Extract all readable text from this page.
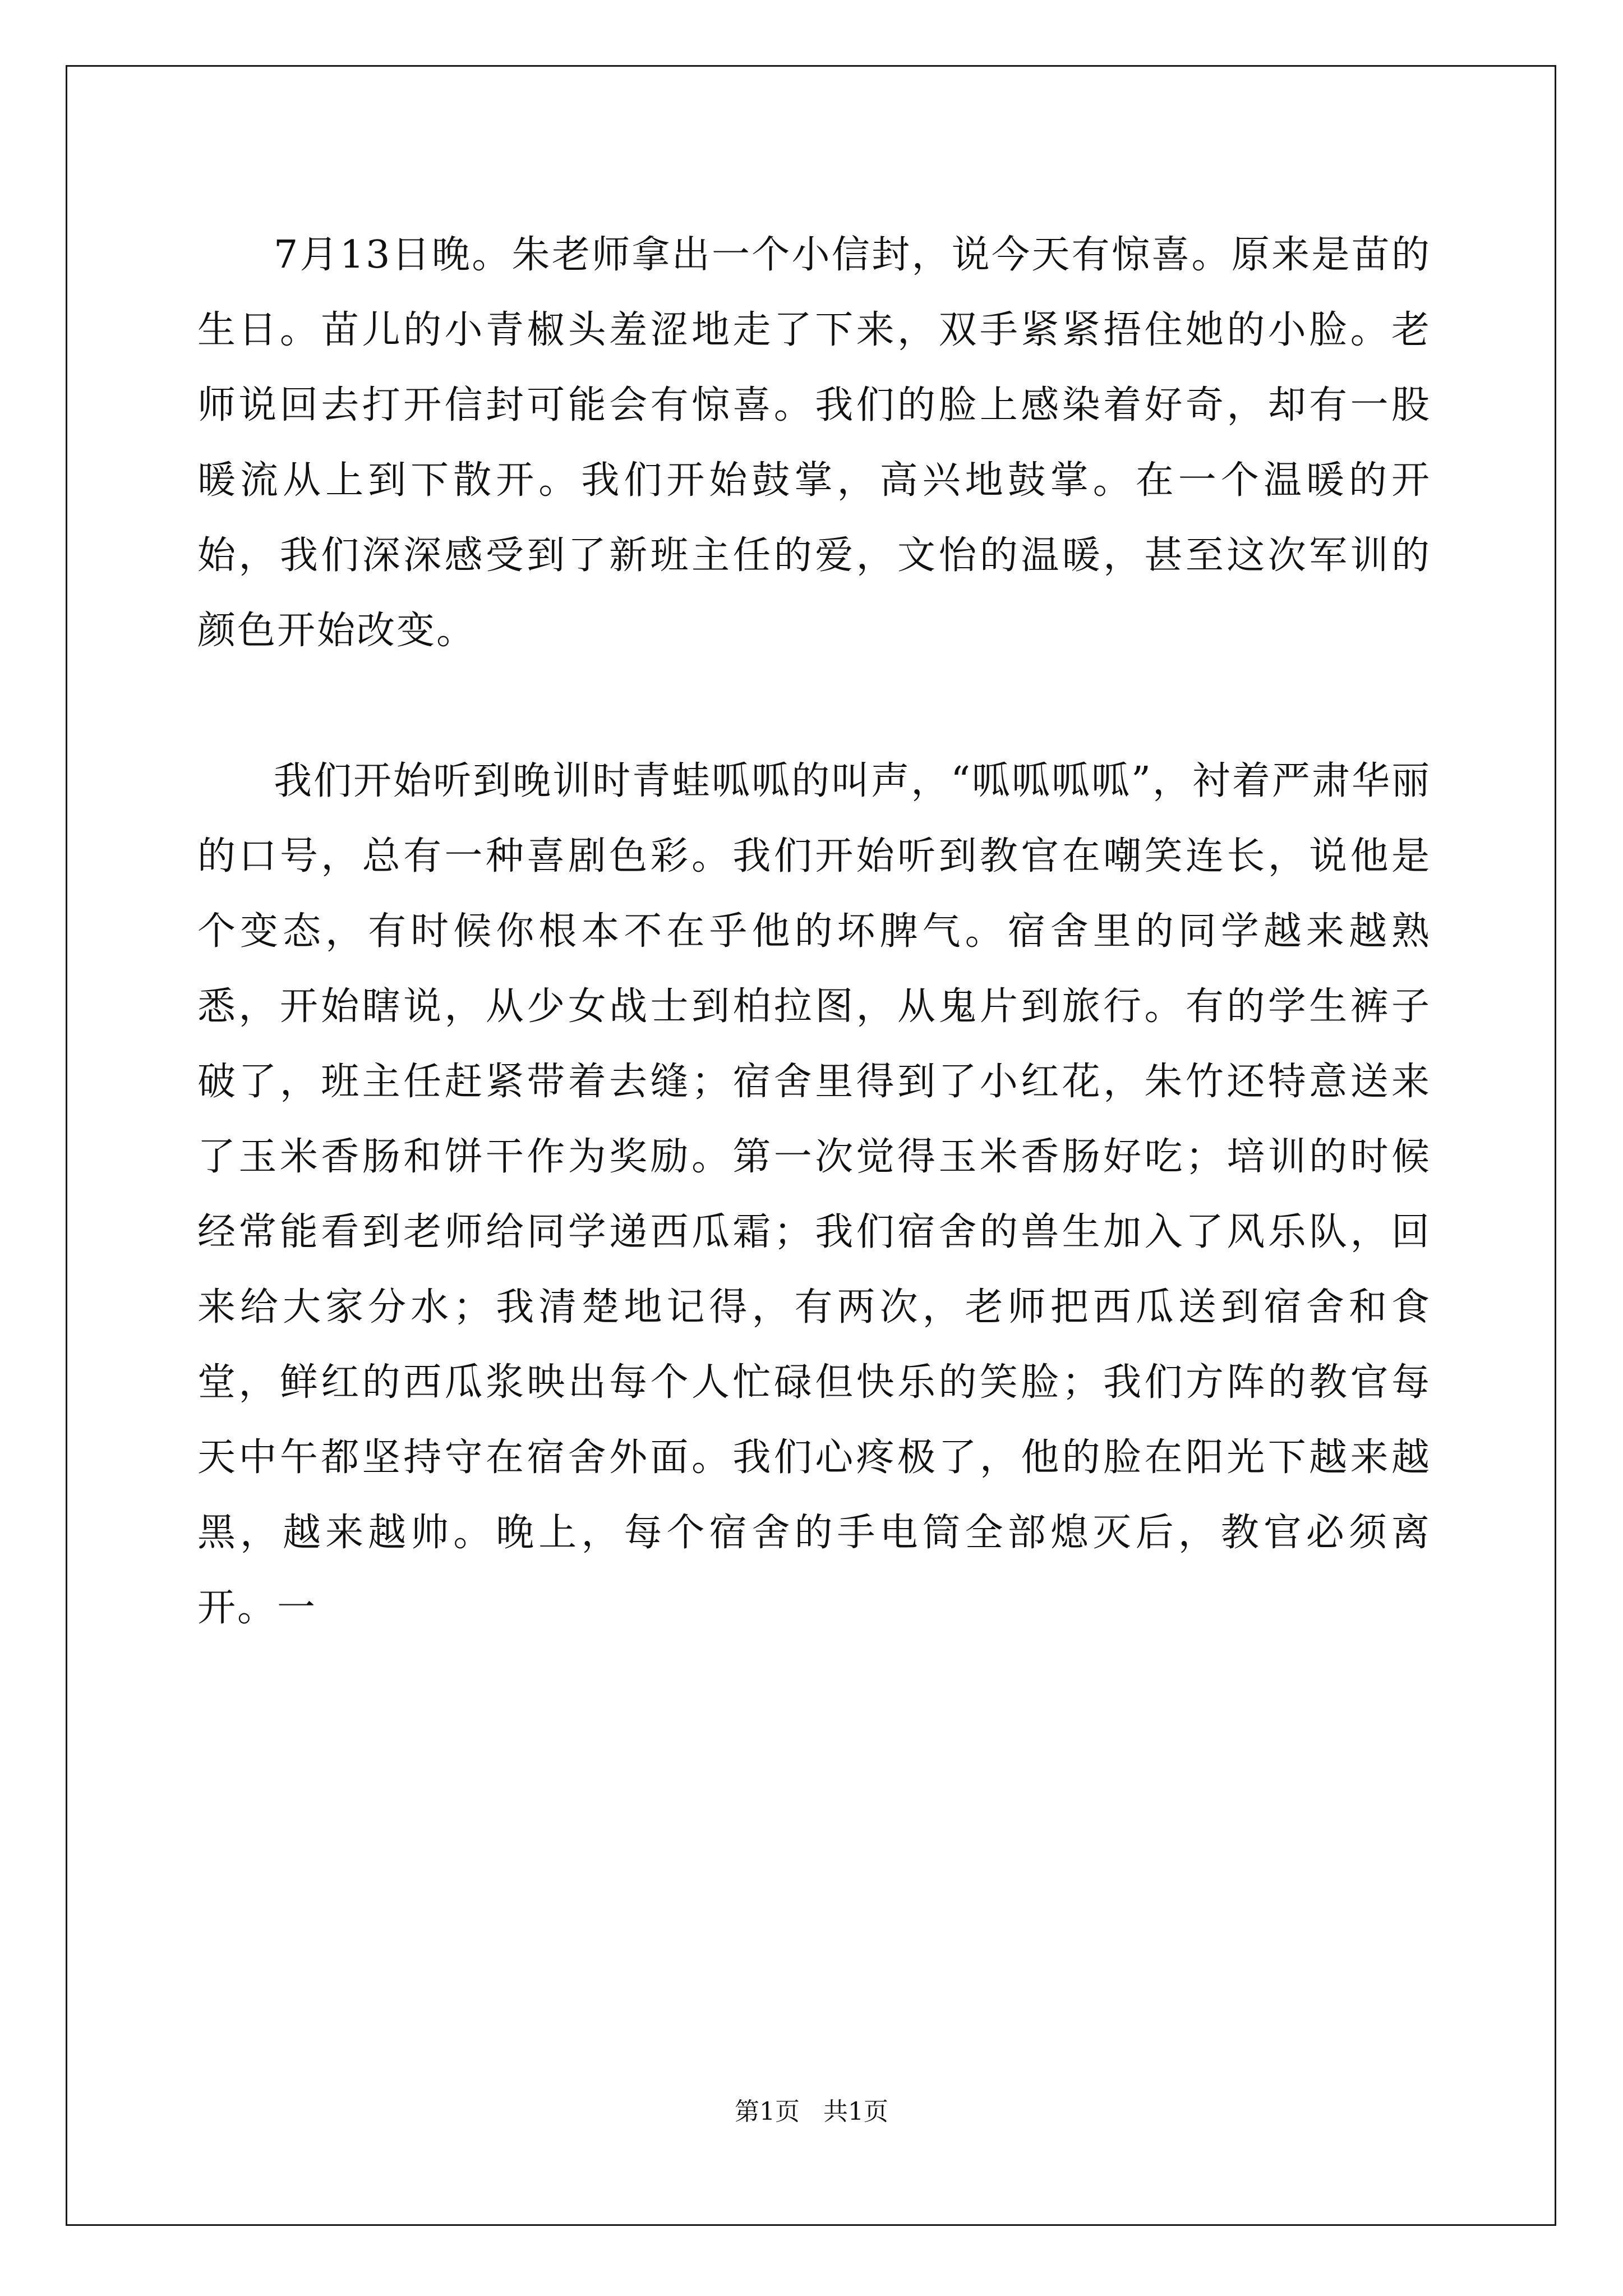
7月13日晚。朱老师拿出一个小信封，说今天有惊喜。原来是苗的生日。苗儿的小青椒头羞涩地走了下来，双手紧紧捂住她的小脸。老师说回去打开信封可能会有惊喜。我们的脸上感染着好奇，却有一股暖流从上到下散开。我们开始鼓掌，高兴地鼓掌。在一个温暖的开始，我们深深感受到了新班主任的爱，文怡的温暖，甚至这次军训的颜色开始改变。

我们开始听到晚训时青蛙呱呱的叫声，“呱呱呱呱”，衬着严肃华丽的口号，总有一种喜剧色彩。我们开始听到教官在嘲笑连长，说他是个变态，有时候你根本不在乎他的坏脾气。宿舍里的同学越来越熟悉，开始瞎说，从少女战士到柏拉图，从鬼片到旅行。有的学生裤子破了，班主任赶紧带着去缝；宿舍里得到了小红花，朱竹还特意送来了玉米香肠和饼干作为奖励。第一次觉得玉米香肠好吃；培训的时候经常能看到老师给同学递西瓜霜；我们宿舍的兽生加入了风乐队，回来给大家分水；我清楚地记得，有两次，老师把西瓜送到宿舍和食堂，鲜红的西瓜浆映出每个人忙碌但快乐的笑脸；我们方阵的教官每天中午都坚持守在宿舍外面。我们心疼极了，他的脸在阳光下越来越黑，越来越帅。晚上，每个宿舍的手电筒全部熄灭后，教官必须离开。一

第1页   共1页
